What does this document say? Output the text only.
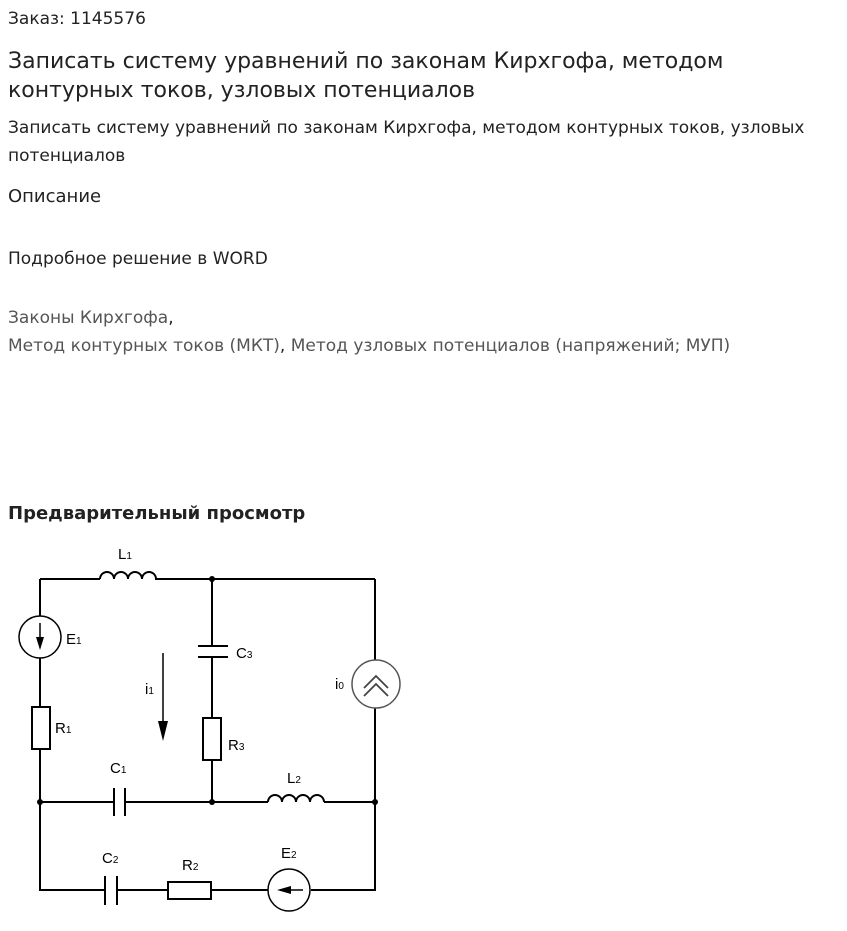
Заказ: 1145576
Записать систему уравнений по законам Кирхгофа, методом контурных токов, узловых потенциалов
Записать систему уравнений по законам Кирхгофа, методом контурных токов, узловых потенциалов
Описание
Подробное решение в WORD
Законы Кирхгофа,
Метод контурных токов (МКТ), Метод узловых потенциалов (напряжений; МУП)
Предварительный просмотр
L1
E1
R1
C3
R3
i1	i0
C1	L2
C2	R2
E2
